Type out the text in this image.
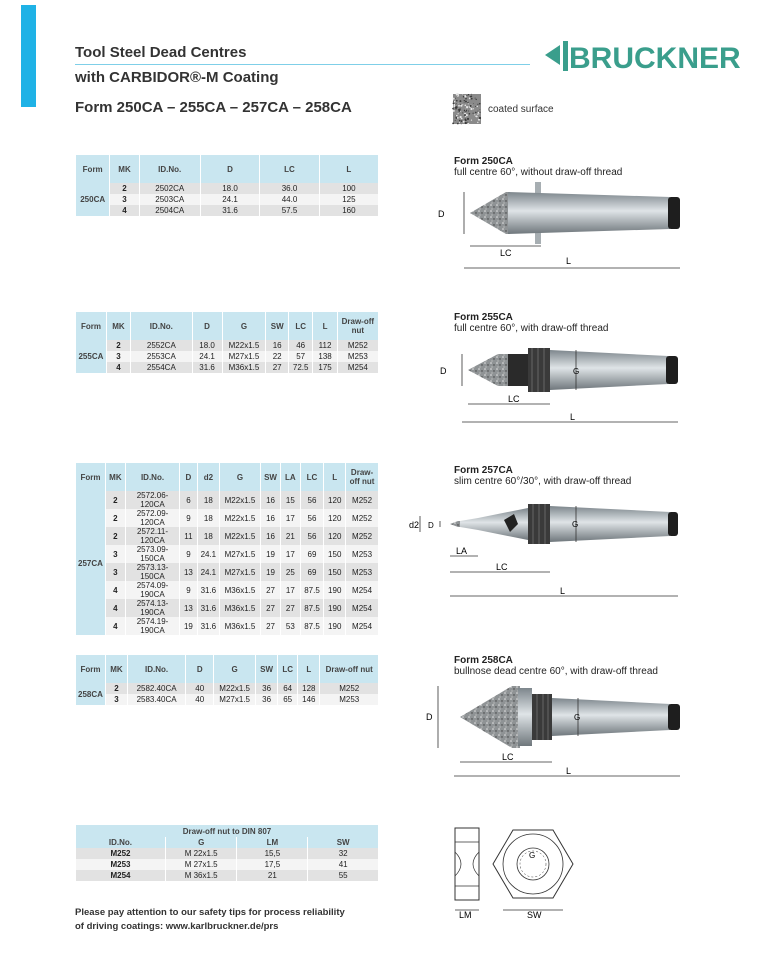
Tool Steel Dead Centres
with CARBIDOR®-M Coating
Form 250CA – 255CA – 257CA – 258CA
BRUCKNER
coated surface
Form	MK	ID.No.	D	LC	L
250CA	2	2502CA	18.0	36.0	100
	3	2503CA	24.1	44.0	125
	4	2504CA	31.6	57.5	160
Form	MK	ID.No.	D	G	SW	LC	L	Draw-off nut
255CA	2	2552CA	18.0	M22x1.5	16	46	112	M252
	3	2553CA	24.1	M27x1.5	22	57	138	M253
	4	2554CA	31.6	M36x1.5	27	72.5	175	M254
Form	MK	ID.No.	D	d2	G	SW	LA	LC	L	Draw-off nut
257CA	2	2572.06-120CA	6	18	M22x1.5	16	15	56	120	M252
	2	2572.09-120CA	9	18	M22x1.5	16	17	56	120	M252
	2	2572.11-120CA	11	18	M22x1.5	16	21	56	120	M252
	3	2573.09-150CA	9	24.1	M27x1.5	19	17	69	150	M253
	3	2573.13-150CA	13	24.1	M27x1.5	19	25	69	150	M253
	4	2574.09-190CA	9	31.6	M36x1.5	27	17	87.5	190	M254
	4	2574.13-190CA	13	31.6	M36x1.5	27	27	87.5	190	M254
	4	2574.19-190CA	19	31.6	M36x1.5	27	53	87.5	190	M254
Form	MK	ID.No.	D	G	SW	LC	L	Draw-off nut
258CA	2	2582.40CA	40	M22x1.5	36	64	128	M252
	3	2583.40CA	40	M27x1.5	36	65	146	M253
Draw-off nut to DIN 807			
ID.No.	G	LM	SW
M252	M 22x1.5	15,5	32
M253	M 27x1.5	17,5	41
M254	M 36x1.5	21	55
Form 250CA
full centre 60°, without draw-off thread
Form 255CA
full centre 60°, with draw-off thread
Form 257CA
slim centre 60°/30°, with draw-off thread
Form 258CA
bullnose dead centre 60°, with draw-off thread
D
LC
L
D	G
LC
L
d2 D	G
LA
LC
L
D	G
LC
L
LM
G
SW
Please pay attention to our safety tips for process reliability
of driving coatings: www.karlbruckner.de/prs
